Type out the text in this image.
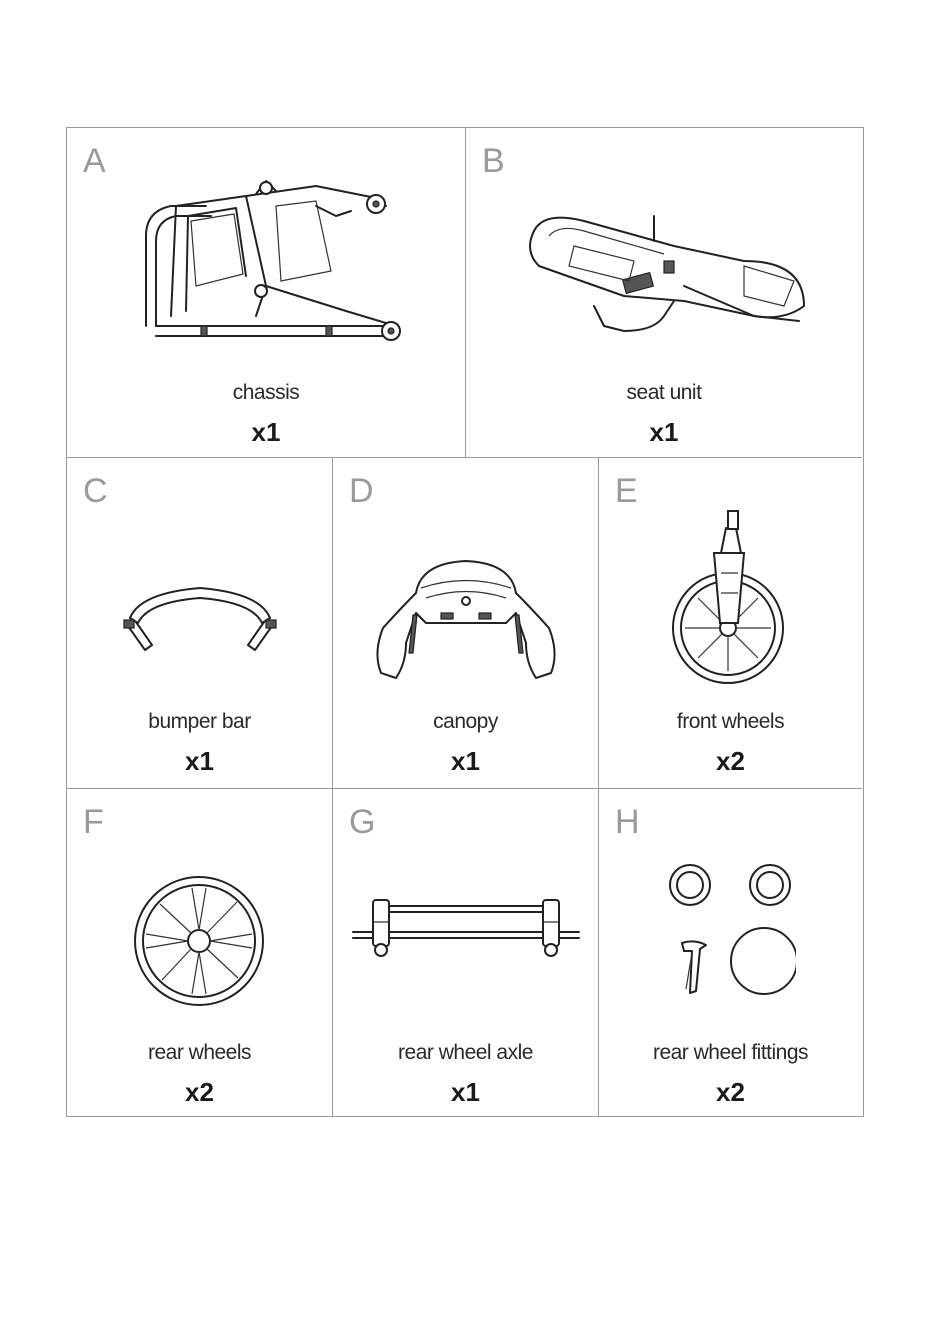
A
chassis
x1
B
seat unit
x1
C
bumper bar
x1
D
canopy
x1
E
front wheels
x2
F
rear wheels
x2
G
rear wheel axle
x1
H
rear wheel fittings
x2
